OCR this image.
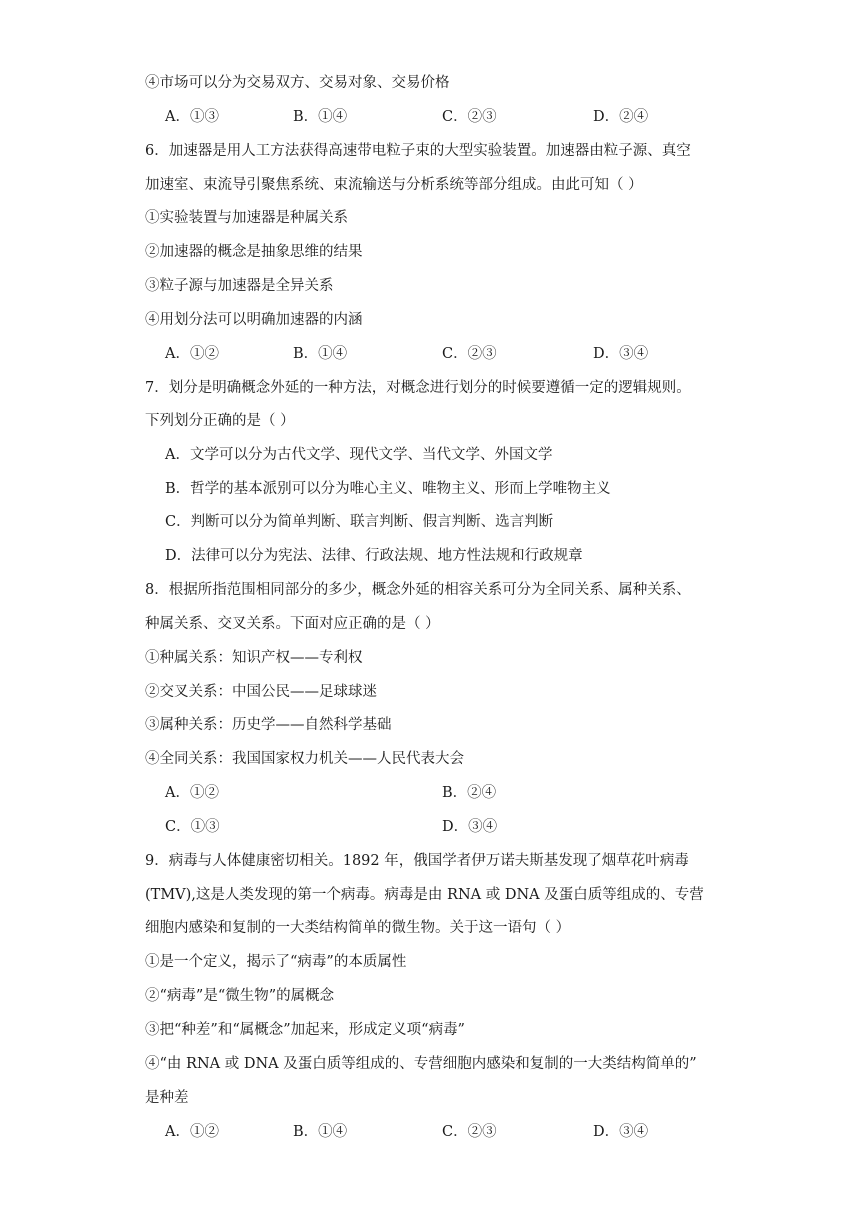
④市场可以分为交易双方、交易对象、交易价格
A．①③	B．①④	C．②③	D．②④
6．加速器是用人工方法获得高速带电粒子束的大型实验装置。加速器由粒子源、真空
加速室、束流导引聚焦系统、束流输送与分析系统等部分组成。由此可知（ ）
①实验装置与加速器是种属关系
②加速器的概念是抽象思维的结果
③粒子源与加速器是全异关系
④用划分法可以明确加速器的内涵
A．①②	B．①④	C．②③	D．③④
7．划分是明确概念外延的一种方法，对概念进行划分的时候要遵循一定的逻辑规则。
下列划分正确的是（ ）
A．文学可以分为古代文学、现代文学、当代文学、外国文学
B．哲学的基本派别可以分为唯心主义、唯物主义、形而上学唯物主义
C．判断可以分为简单判断、联言判断、假言判断、选言判断
D．法律可以分为宪法、法律、行政法规、地方性法规和行政规章
8．根据所指范围相同部分的多少，概念外延的相容关系可分为全同关系、属种关系、
种属关系、交叉关系。下面对应正确的是（ ）
①种属关系：知识产权——专利权
②交叉关系：中国公民——足球球迷
③属种关系：历史学——自然科学基础
④全同关系：我国国家权力机关——人民代表大会
A．①②	B．②④
C．①③	D．③④
9．病毒与人体健康密切相关。1892 年，俄国学者伊万诺夫斯基发现了烟草花叶病毒
(TMV),这是人类发现的第一个病毒。病毒是由 RNA 或 DNA 及蛋白质等组成的、专营
细胞内感染和复制的一大类结构简单的微生物。关于这一语句（ ）
①是一个定义，揭示了“病毒”的本质属性
②“病毒”是“微生物”的属概念
③把“种差”和“属概念”加起来，形成定义项“病毒”
④“由 RNA 或 DNA 及蛋白质等组成的、专营细胞内感染和复制的一大类结构简单的”
是种差
A．①②	B．①④	C．②③	D．③④
